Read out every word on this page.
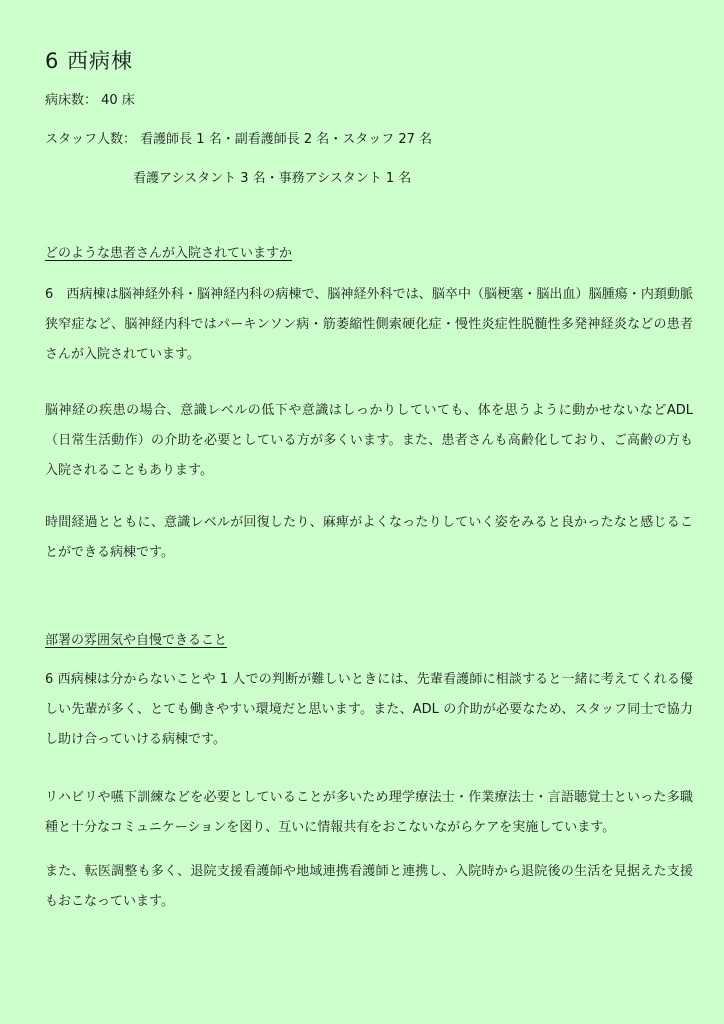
6 西病棟
病床数： 40 床
スタッフ人数： 看護師長 1 名・副看護師長 2 名・スタッフ 27 名
看護アシスタント 3 名・事務アシスタント 1 名
どのような患者さんが入院されていますか
6　西病棟は脳神経外科・脳神経内科の病棟で、脳神経外科では、脳卒中（脳梗塞・脳出血）脳腫瘍・内頚動脈狭窄症など、脳神経内科ではパーキンソン病・筋萎縮性側索硬化症・慢性炎症性脱髄性多発神経炎などの患者さんが入院されています。
脳神経の疾患の場合、意識レベルの低下や意識はしっかりしていても、体を思うように動かせないなどADL（日常生活動作）の介助を必要としている方が多くいます。また、患者さんも高齢化しており、ご高齢の方も入院されることもあります。
時間経過とともに、意識レベルが回復したり、麻痺がよくなったりしていく姿をみると良かったなと感じることができる病棟です。
部署の雰囲気や自慢できること
6 西病棟は分からないことや 1 人での判断が難しいときには、先輩看護師に相談すると一緒に考えてくれる優しい先輩が多く、とても働きやすい環境だと思います。また、ADL の介助が必要なため、スタッフ同士で協力し助け合っていける病棟です。
リハビリや嚥下訓練などを必要としていることが多いため理学療法士・作業療法士・言語聴覚士といった多職種と十分なコミュニケーションを図り、互いに情報共有をおこないながらケアを実施しています。
また、転医調整も多く、退院支援看護師や地域連携看護師と連携し、入院時から退院後の生活を見据えた支援もおこなっています。
